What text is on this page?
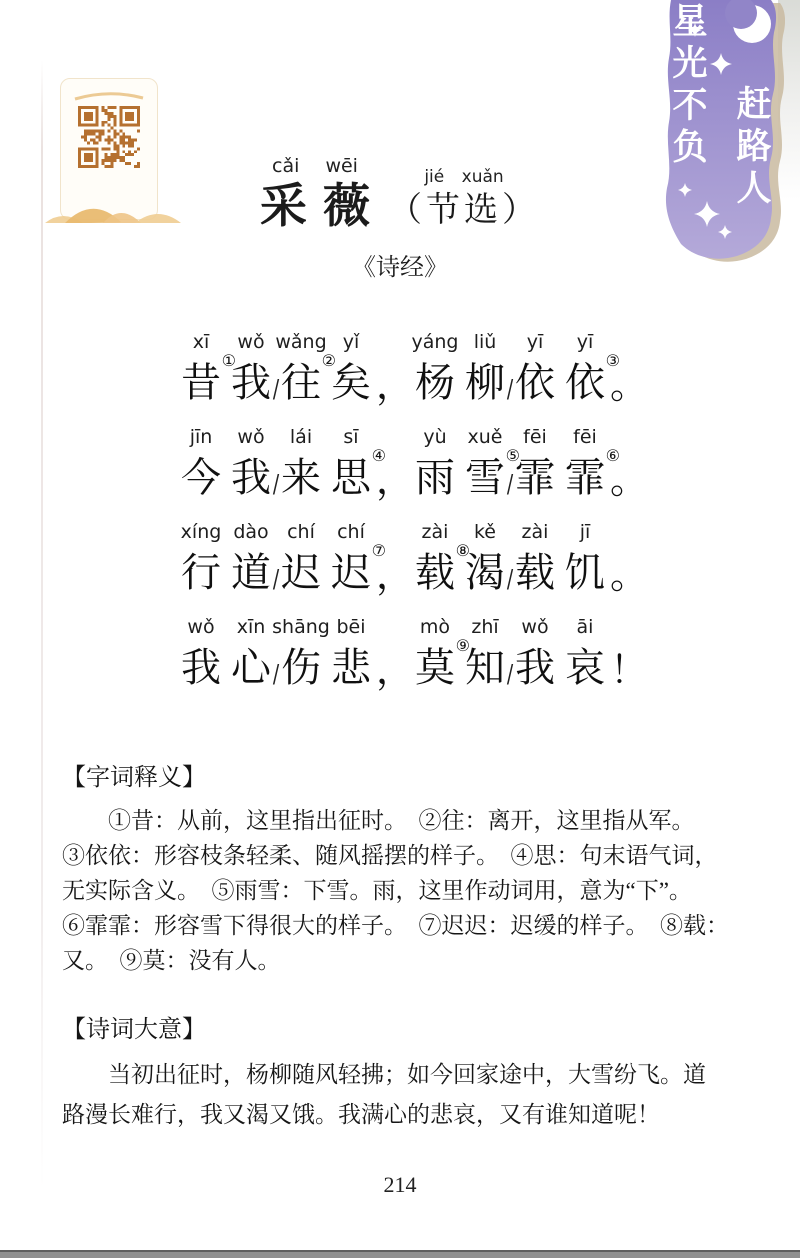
星
光
不
负
赶
路
人
cǎi wēi
采薇
jié xuǎn
（节选）
《诗经》
xī
昔 ①
wǒ
我 /
wǎng
往 ②
yǐ
矣 ，
yáng
杨
liǔ
柳 /
yī
依
yī
依 ③
。
jīn
今
wǒ
我 /
lái
来
sī
思 ④
，
yù
雨
xuě
雪 ⑤
/
fēi
霏
fēi
霏 ⑥
。
xíng
行
dào
道 /
chí
迟
chí
迟 ⑦
，
zài
载 ⑧
kě
渴 /
zài
载
jī
饥 。
wǒ
我
xīn
心 /
shāng
伤
bēi
悲 ，
mò
莫 ⑨
zhī
知 /
wǒ
我
āi
哀 ！
【字词释义】
①昔：从前，这里指出征时。　②往：离开，这里指从军。
③依依：形容枝条轻柔、随风摇摆的样子。　④思：句末语气词，
无实际含义。　⑤雨雪：下雪。雨，这里作动词用，意为“下”。
⑥霏霏：形容雪下得很大的样子。　⑦迟迟：迟缓的样子。　⑧载：
又。　⑨莫：没有人。
【诗词大意】
当初出征时，杨柳随风轻拂；如今回家途中，大雪纷飞。道
路漫长难行，我又渴又饿。我满心的悲哀，又有谁知道呢！
214
